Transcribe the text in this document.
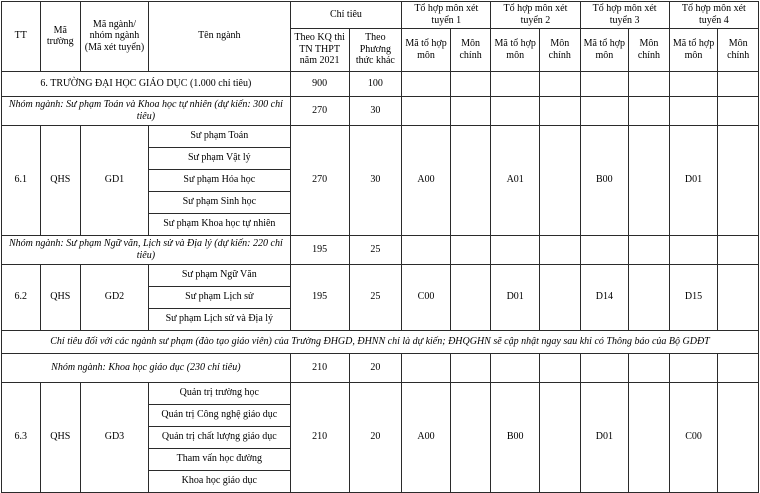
TT	Mã trường	Mã ngành/ nhóm ngành (Mã xét tuyển)	Tên ngành	Chỉ tiêu		Tổ hợp môn xét tuyển 1		Tổ hợp môn xét tuyển 2		Tổ hợp môn xét tuyển 3		Tổ hợp môn xét tuyển 4	
				Theo KQ thi TN THPT năm 2021	Theo Phương thức khác	Mã tổ hợp môn	Môn chính	Mã tổ hợp môn	Môn chính	Mã tổ hợp môn	Môn chính	Mã tổ hợp môn	Môn chính
6. TRƯỜNG ĐẠI HỌC GIÁO DỤC (1.000 chỉ tiêu)				900	100								
Nhóm ngành: Sư phạm Toán và Khoa học tự nhiên (dự kiến: 300 chỉ tiêu)				270	30								
6.1	QHS	GD1	Sư phạm Toán	270	30	A00		A01		B00		D01	
			Sư phạm Vật lý										
			Sư phạm Hóa học										
			Sư phạm Sinh học										
			Sư phạm Khoa học tự nhiên										
Nhóm ngành: Sư phạm Ngữ văn, Lịch sử và Địa lý (dự kiến: 220 chỉ tiêu)				195	25								
6.2	QHS	GD2	Sư phạm Ngữ Văn	195	25	C00		D01		D14		D15	
			Sư phạm Lịch sử										
			Sư phạm Lịch sử và Địa lý										
Chỉ tiêu đối với các ngành sư phạm (đào tạo giáo viên) của Trường ĐHGD, ĐHNN chỉ là dự kiến; ĐHQGHN sẽ cập nhật ngay sau khi có Thông báo của Bộ GDĐT													
Nhóm ngành: Khoa học giáo dục (230 chỉ tiêu)				210	20								
6.3	QHS	GD3	Quản trị trường học	210	20	A00		B00		D01		C00	
			Quản trị Công nghệ giáo dục										
			Quản trị chất lượng giáo dục										
			Tham vấn học đường										
			Khoa học giáo dục										
